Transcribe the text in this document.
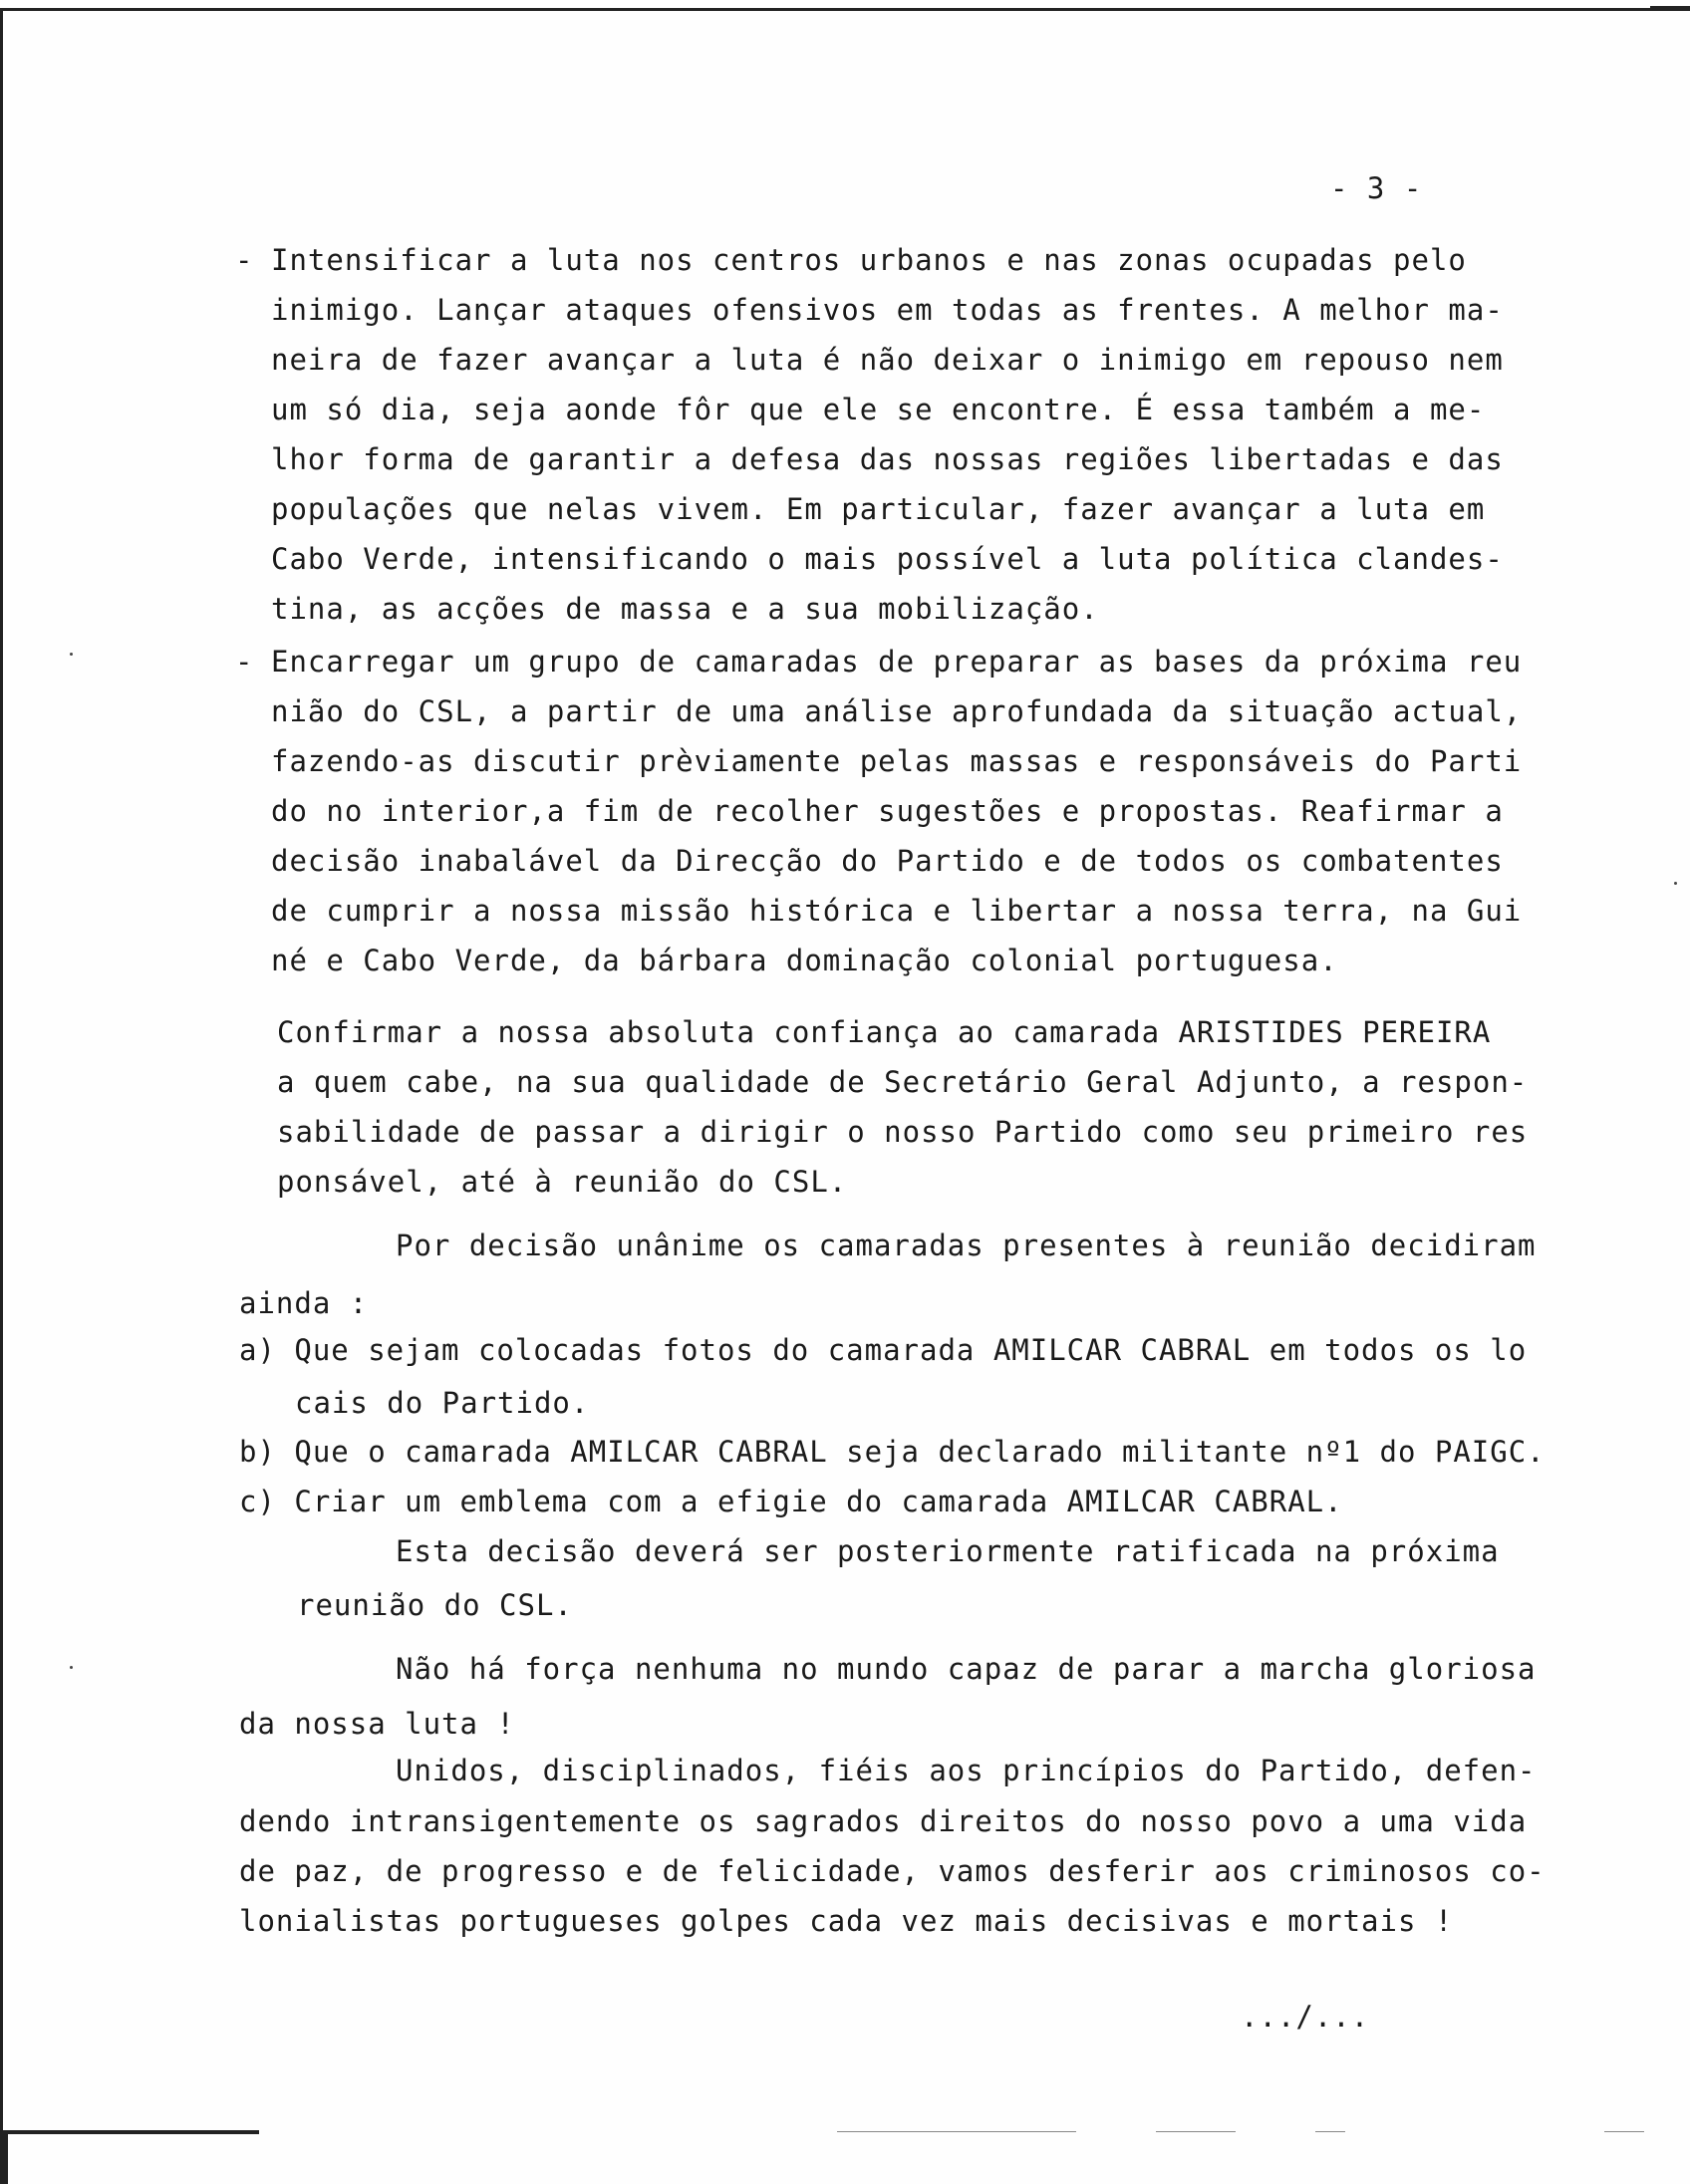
- 3 -
- Intensificar a luta nos centros urbanos e nas zonas ocupadas pelo
inimigo. Lançar ataques ofensivos em todas as frentes. A melhor ma-
neira de fazer avançar a luta é não deixar o inimigo em repouso nem
um só dia, seja aonde fôr que ele se encontre. É essa também a me-
lhor forma de garantir a defesa das nossas regiões libertadas e das
populações que nelas vivem. Em particular, fazer avançar a luta em
Cabo Verde, intensificando o mais possível a luta política clandes-
tina, as acções de massa e a sua mobilização.
- Encarregar um grupo de camaradas de preparar as bases da próxima reu
nião do CSL, a partir de uma análise aprofundada da situação actual,
fazendo-as discutir prèviamente pelas massas e responsáveis do Parti
do no interior,a fim de recolher sugestões e propostas. Reafirmar a
decisão inabalável da Direcção do Partido e de todos os combatentes
de cumprir a nossa missão histórica e libertar a nossa terra, na Gui
né e Cabo Verde, da bárbara dominação colonial portuguesa.
Confirmar a nossa absoluta confiança ao camarada ARISTIDES PEREIRA
a quem cabe, na sua qualidade de Secretário Geral Adjunto, a respon-
sabilidade de passar a dirigir o nosso Partido como seu primeiro res
ponsável, até à reunião do CSL.
Por decisão unânime os camaradas presentes à reunião decidiram
ainda :
a) Que sejam colocadas fotos do camarada AMILCAR CABRAL em todos os lo
cais do Partido.
b) Que o camarada AMILCAR CABRAL seja declarado militante nº1 do PAIGC.
c) Criar um emblema com a efigie do camarada AMILCAR CABRAL.
Esta decisão deverá ser posteriormente ratificada na próxima
reunião do CSL.
Não há força nenhuma no mundo capaz de parar a marcha gloriosa
da nossa luta !
Unidos, disciplinados, fiéis aos princípios do Partido, defen-
dendo intransigentemente os sagrados direitos do nosso povo a uma vida
de paz, de progresso e de felicidade, vamos desferir aos criminosos co-
lonialistas portugueses golpes cada vez mais decisivas e mortais !
.../...
